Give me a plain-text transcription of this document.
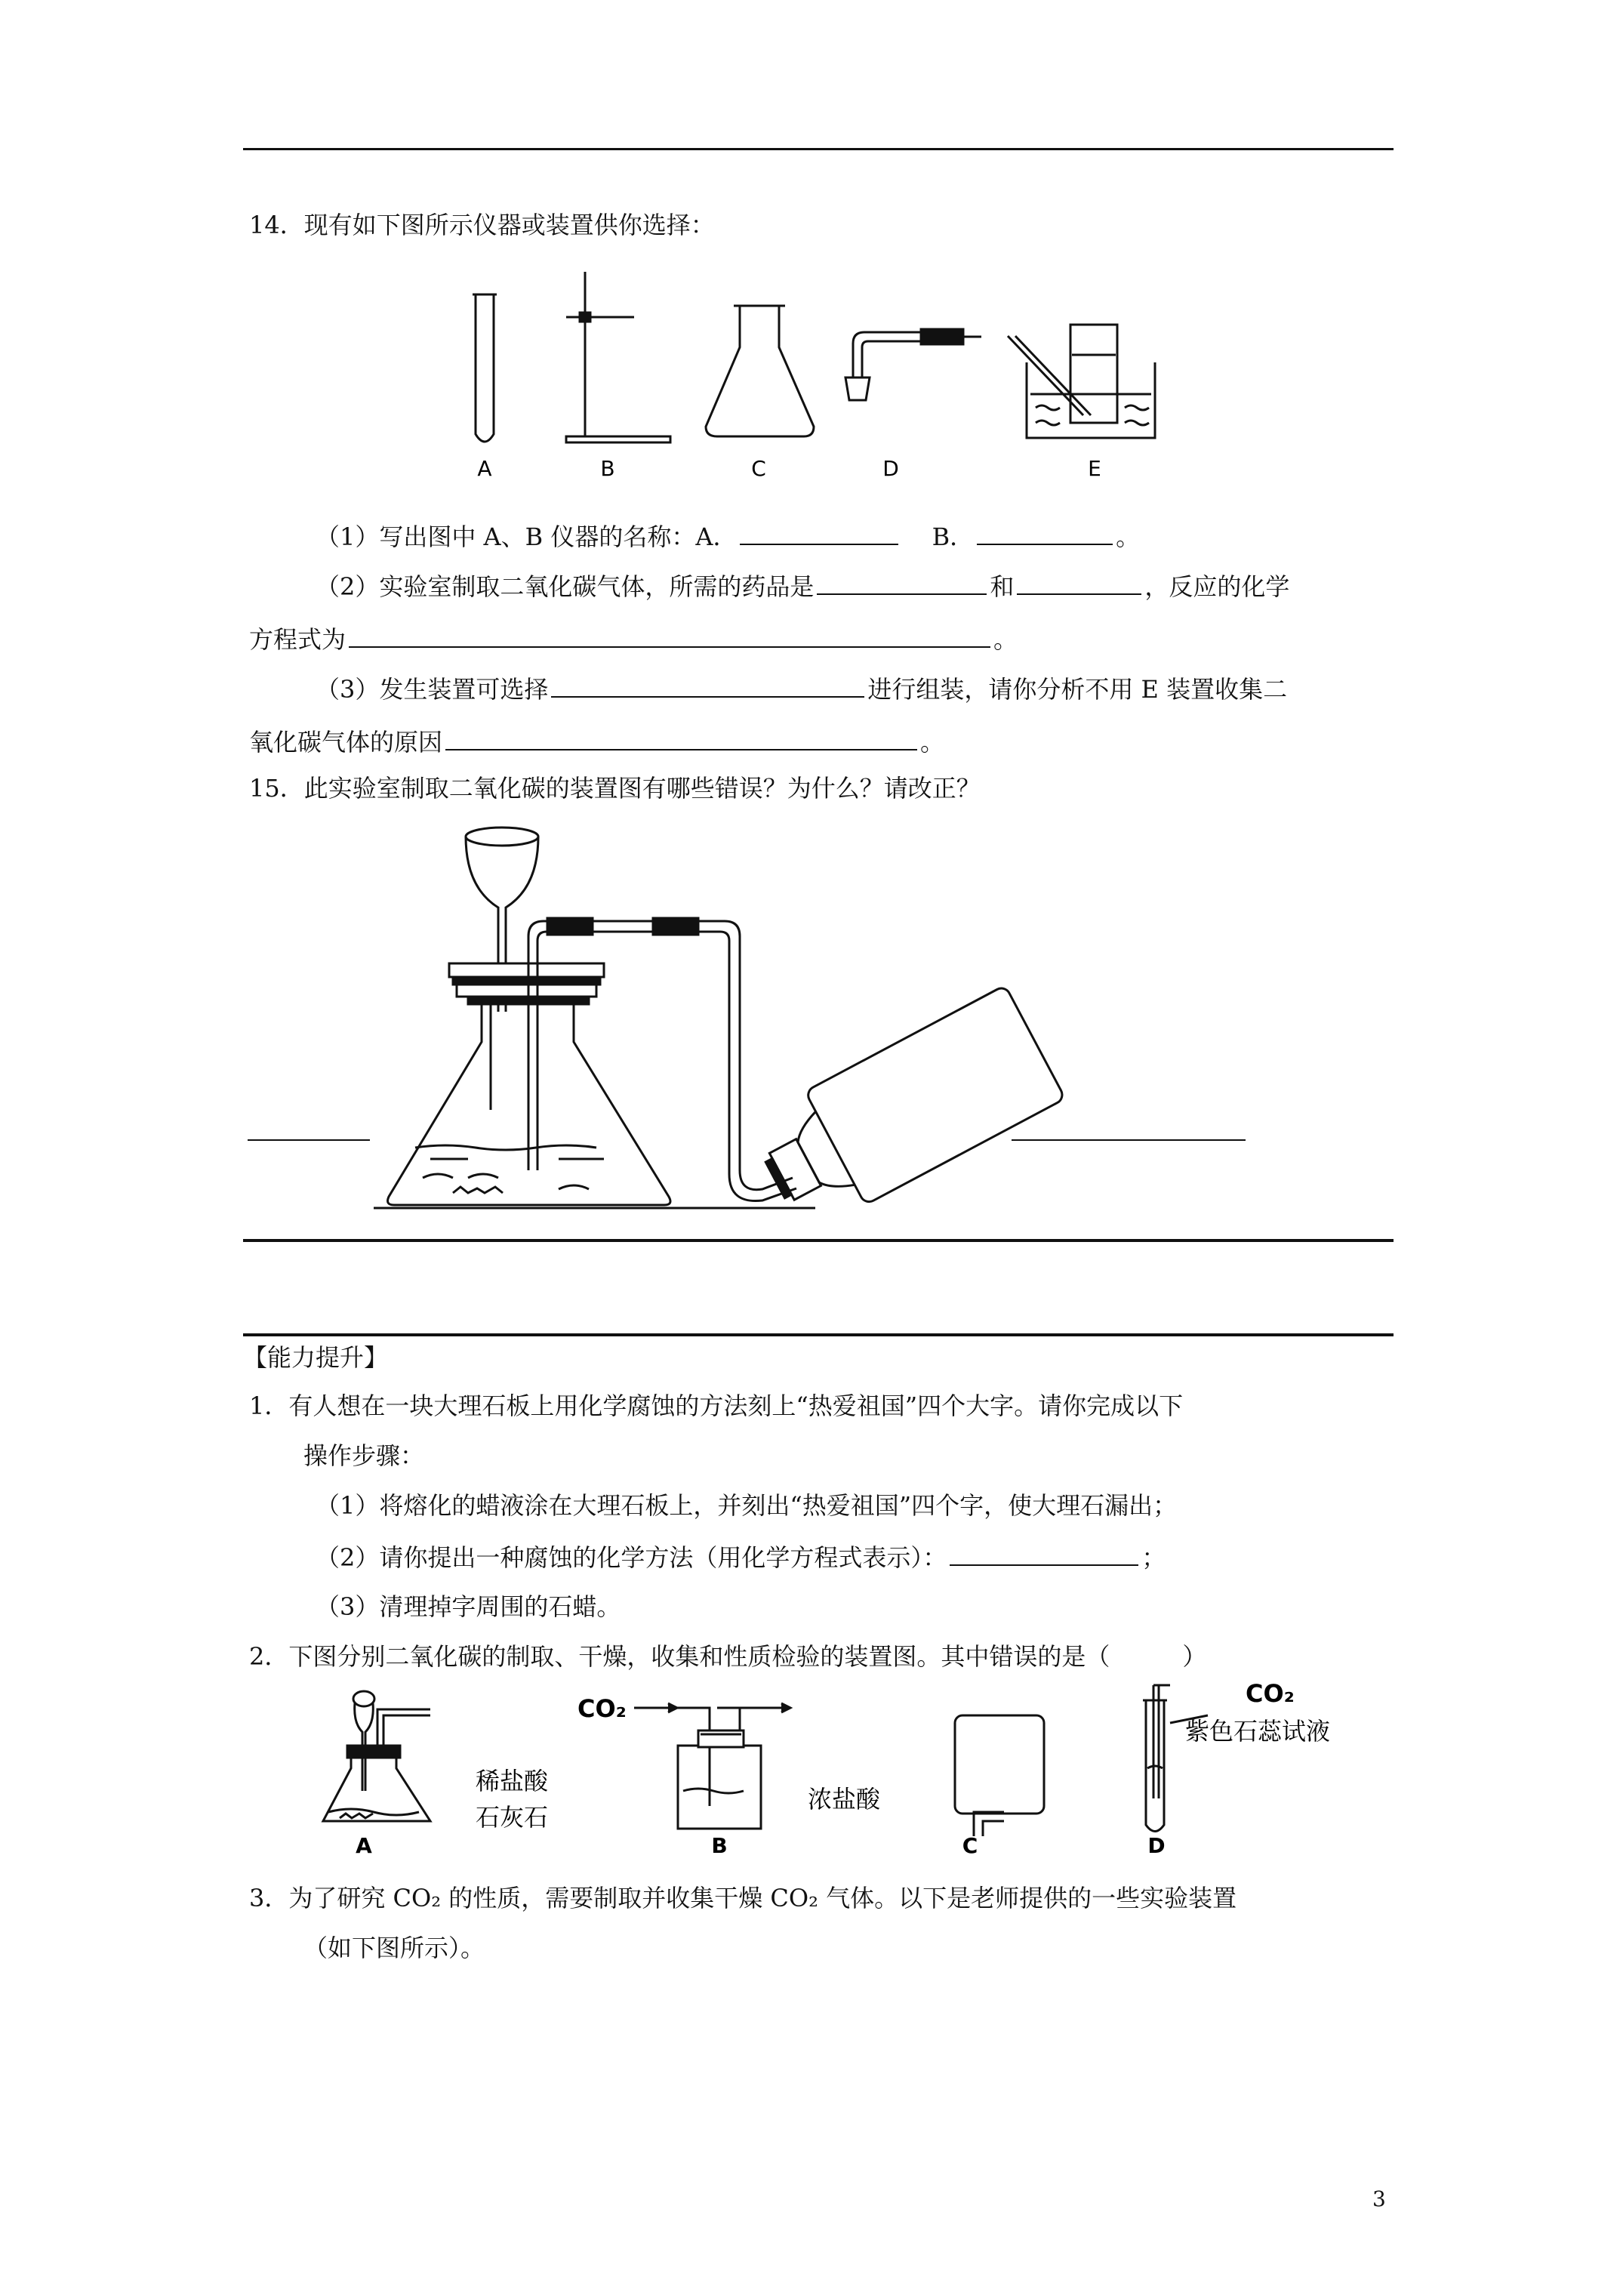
14．现有如下图所示仪器或装置供你选择：
A	B	C	D	E
（1）写出图中 A、B 仪器的名称：A．	B．	。
（2）实验室制取二氧化碳气体，所需的药品是	和	，反应的化学
方程式为	。
（3）发生装置可选择	进行组装，请你分析不用 E 装置收集二
氧化碳气体的原因	。
15．此实验室制取二氧化碳的装置图有哪些错误？为什么？请改正？
【能力提升】
1．有人想在一块大理石板上用化学腐蚀的方法刻上“热爱祖国”四个大字。请你完成以下
操作步骤：
（1）将熔化的蜡液涂在大理石板上，并刻出“热爱祖国”四个字，使大理石漏出；
（2）请你提出一种腐蚀的化学方法（用化学方程式表示）：	；
（3）清理掉字周围的石蜡。
2．下图分别二氧化碳的制取、干燥，收集和性质检验的装置图。其中错误的是（　　　）
CO₂
CO₂
稀盐酸
石灰石
浓盐酸
紫色石蕊试液
A	B	C	D
3．为了研究 CO₂ 的性质，需要制取并收集干燥 CO₂ 气体。以下是老师提供的一些实验装置
（如下图所示）。
3
